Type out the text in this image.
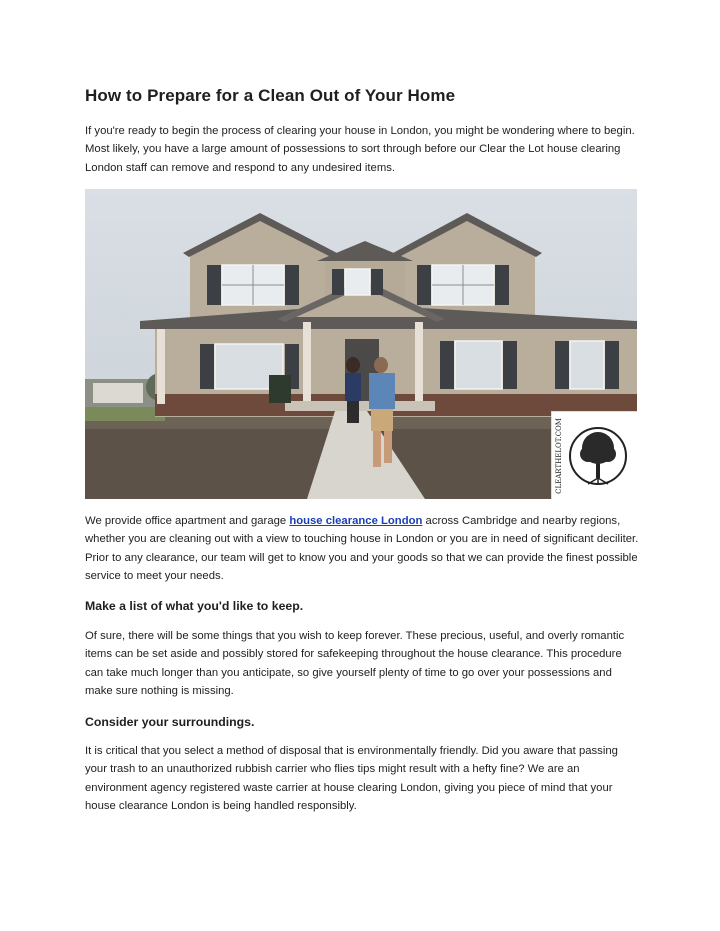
How to Prepare for a Clean Out of Your Home

If you're ready to begin the process of clearing your house in London, you might be wondering where to begin. Most likely, you have a large amount of possessions to sort through before our Clear the Lot house clearing London staff can remove and respond to any undesired items.

CLEARTHELOT.COM

We provide office apartment and garage house clearance London across Cambridge and nearby regions, whether you are cleaning out with a view to touching house in London or you are in need of significant deciliter. Prior to any clearance, our team will get to know you and your goods so that we can provide the finest possible service to meet your needs.

Make a list of what you'd like to keep.

Of sure, there will be some things that you wish to keep forever. These precious, useful, and overly romantic items can be set aside and possibly stored for safekeeping throughout the house clearance. This procedure can take much longer than you anticipate, so give yourself plenty of time to go over your possessions and make sure nothing is missing.

Consider your surroundings.

It is critical that you select a method of disposal that is environmentally friendly. Did you aware that passing your trash to an unauthorized rubbish carrier who flies tips might result with a hefty fine? We are an environment agency registered waste carrier at house clearing London, giving you piece of mind that your house clearance London is being handled responsibly.
